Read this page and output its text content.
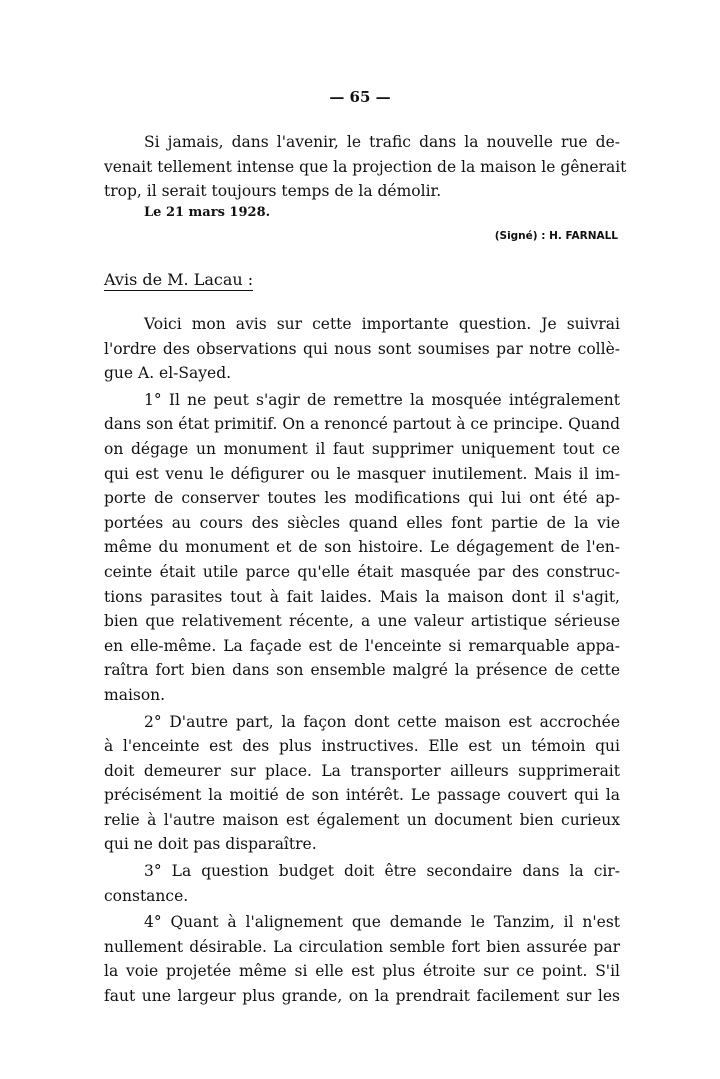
— 65 —
Si jamais, dans l'avenir, le trafic dans la nouvelle rue de-
venait tellement intense que la projection de la maison le gênerait
trop, il serait toujours temps de la démolir.
Le 21 mars 1928.
(Signé) : H. FARNALL
Avis de M. Lacau :
Voici mon avis sur cette importante question. Je suivrai
l'ordre des observations qui nous sont soumises par notre collè-
gue A. el-Sayed.
1° Il ne peut s'agir de remettre la mosquée intégralement
dans son état primitif. On a renoncé partout à ce principe. Quand
on dégage un monument il faut supprimer uniquement tout ce
qui est venu le défigurer ou le masquer inutilement. Mais il im-
porte de conserver toutes les modifications qui lui ont été ap-
portées au cours des siècles quand elles font partie de la vie
même du monument et de son histoire. Le dégagement de l'en-
ceinte était utile parce qu'elle était masquée par des construc-
tions parasites tout à fait laides. Mais la maison dont il s'agit,
bien que relativement récente, a une valeur artistique sérieuse
en elle-même. La façade est de l'enceinte si remarquable appa-
raîtra fort bien dans son ensemble malgré la présence de cette
maison.
2° D'autre part, la façon dont cette maison est accrochée
à l'enceinte est des plus instructives. Elle est un témoin qui
doit demeurer sur place. La transporter ailleurs supprimerait
précisément la moitié de son intérêt. Le passage couvert qui la
relie à l'autre maison est également un document bien curieux
qui ne doit pas disparaître.
3° La question budget doit être secondaire dans la cir-
constance.
4° Quant à l'alignement que demande le Tanzim, il n'est
nullement désirable. La circulation semble fort bien assurée par
la voie projetée même si elle est plus étroite sur ce point. S'il
faut une largeur plus grande, on la prendrait facilement sur les
